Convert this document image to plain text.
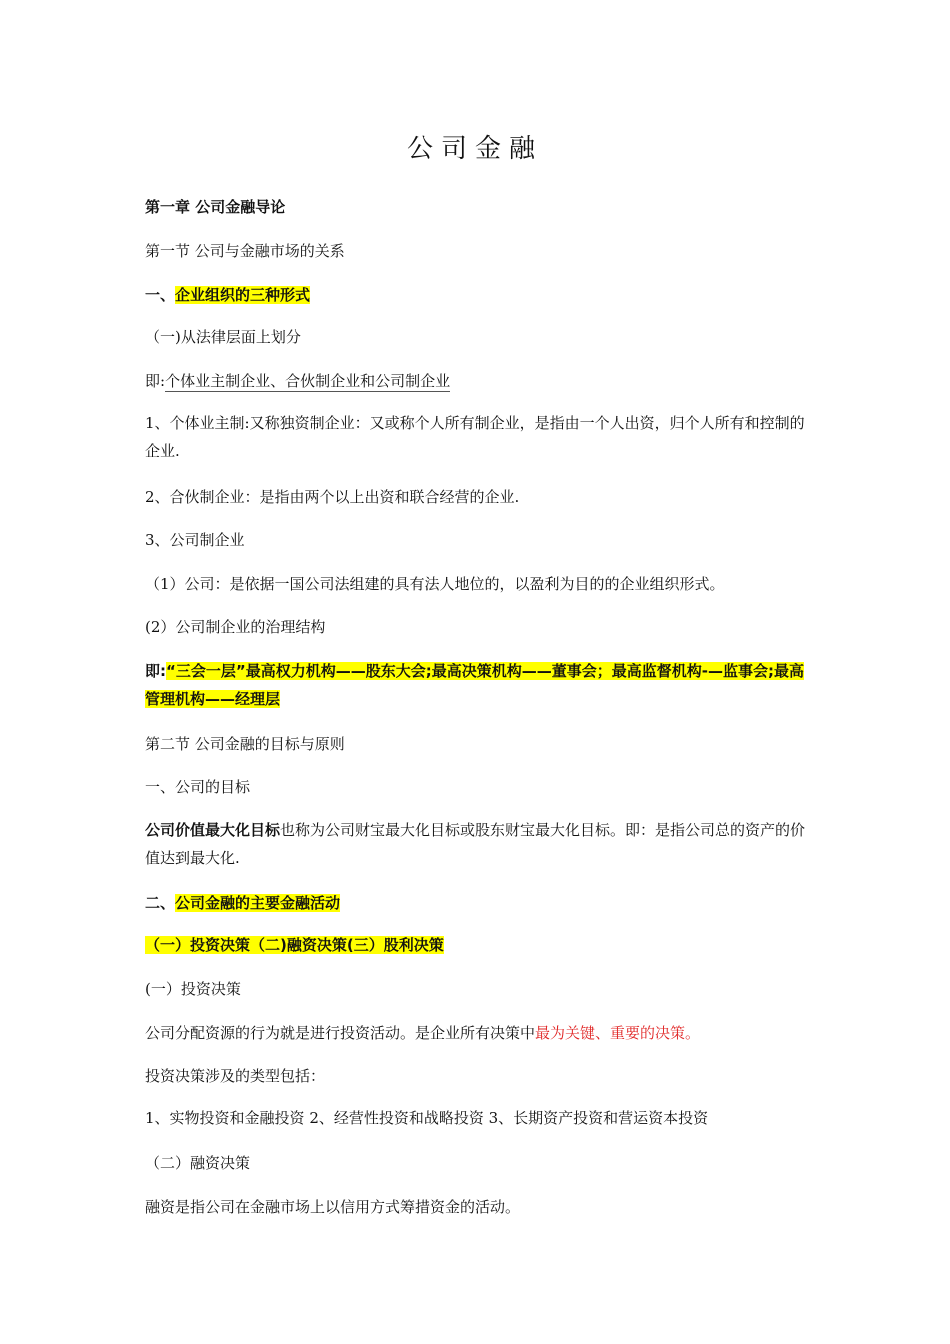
公司金融
第一章 公司金融导论
第一节 公司与金融市场的关系
一、企业组织的三种形式
（一)从法律层面上划分
即:个体业主制企业、合伙制企业和公司制企业
1、个体业主制:又称独资制企业：又或称个人所有制企业，是指由一个人出资，归个人所有和控制的企业.
2、合伙制企业：是指由两个以上出资和联合经营的企业.
3、公司制企业
（1）公司：是依据一国公司法组建的具有法人地位的，以盈利为目的的企业组织形式。
(2）公司制企业的治理结构
即:“三会一层”最高权力机构——股东大会;最高决策机构——董事会；最高监督机构-—监事会;最高管理机构——经理层
第二节 公司金融的目标与原则
一、公司的目标
公司价值最大化目标也称为公司财宝最大化目标或股东财宝最大化目标。即：是指公司总的资产的价值达到最大化.
二、公司金融的主要金融活动
（一）投资决策（二)融资决策(三）股利决策
(一）投资决策
公司分配资源的行为就是进行投资活动。是企业所有决策中最为关键、重要的决策。
投资决策涉及的类型包括：
1、实物投资和金融投资 2、经营性投资和战略投资 3、长期资产投资和营运资本投资
（二）融资决策
融资是指公司在金融市场上以信用方式筹措资金的活动。
